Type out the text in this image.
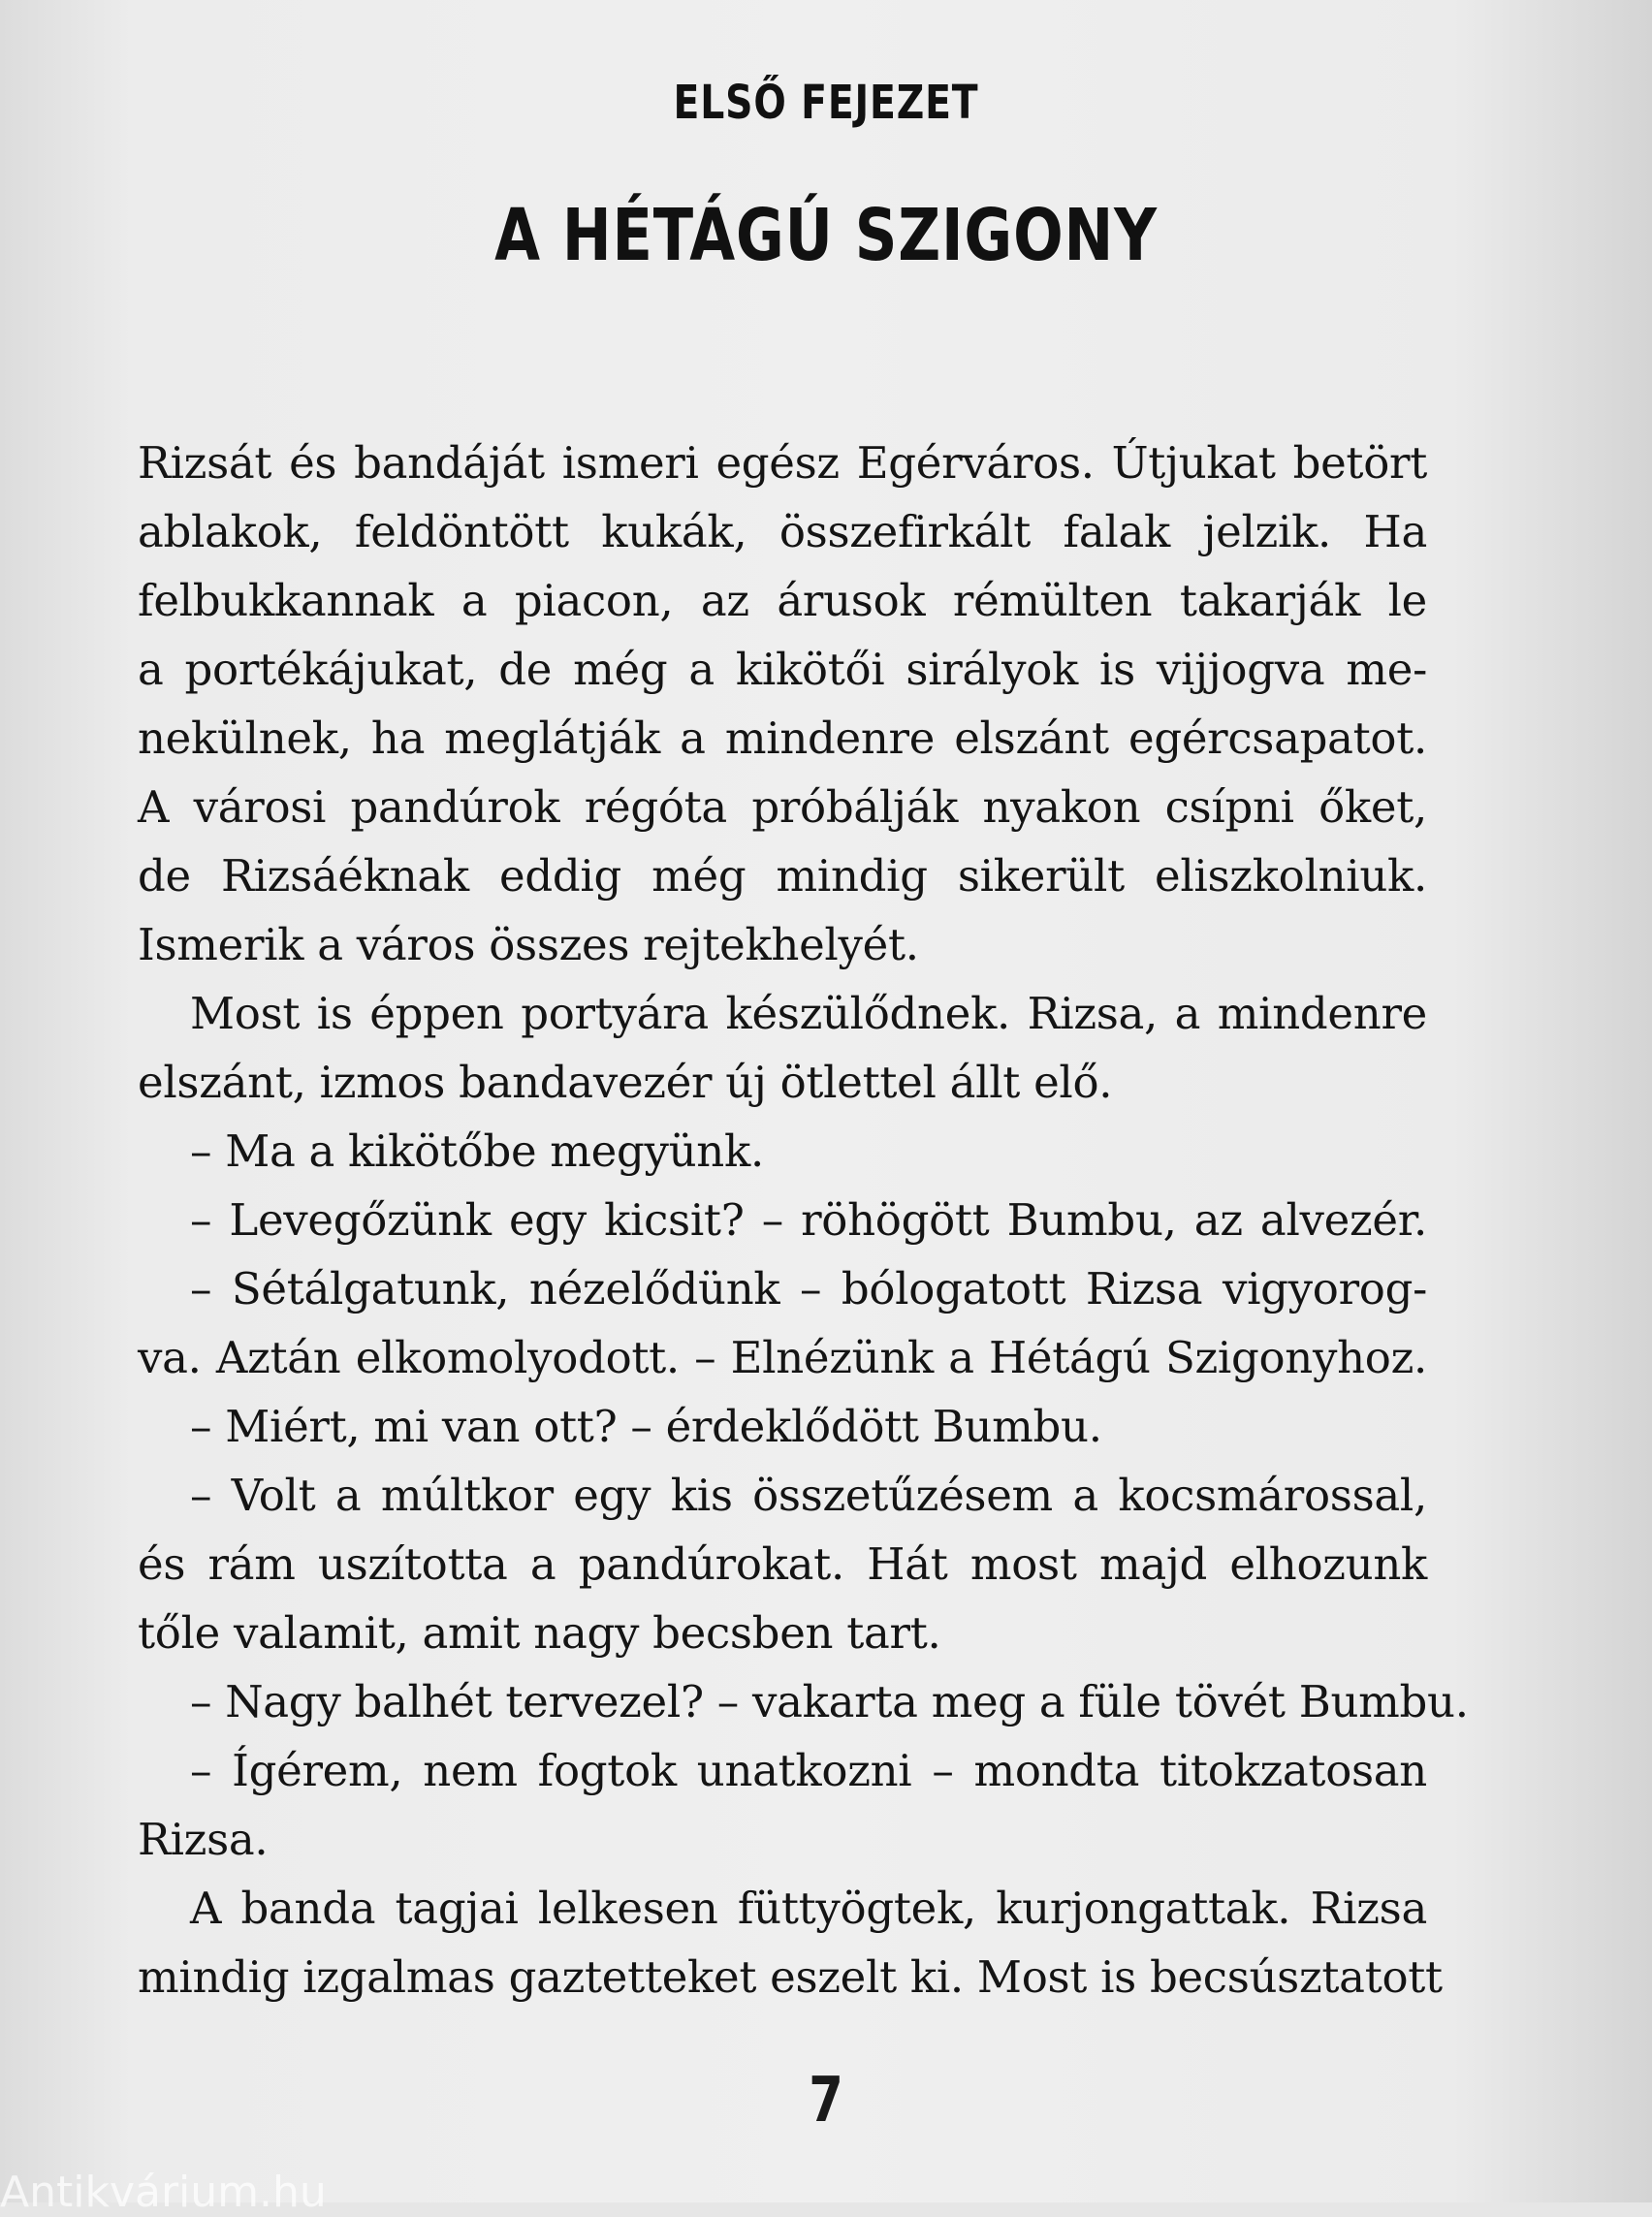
ELSŐ FEJEZET
A HÉTÁGÚ SZIGONY
Rizsát és bandáját ismeri egész Egérváros. Útjukat betört
ablakok, feldöntött kukák, összefirkált falak jelzik. Ha
felbukkannak a piacon, az árusok rémülten takarják le
a portékájukat, de még a kikötői sirályok is vijjogva me-
nekülnek, ha meglátják a mindenre elszánt egércsapatot.
A városi pandúrok régóta próbálják nyakon csípni őket,
de Rizsáéknak eddig még mindig sikerült eliszkolniuk.
Ismerik a város összes rejtekhelyét.
Most is éppen portyára készülődnek. Rizsa, a mindenre
elszánt, izmos bandavezér új ötlettel állt elő.
– Ma a kikötőbe megyünk.
– Levegőzünk egy kicsit? – röhögött Bumbu, az alvezér.
– Sétálgatunk, nézelődünk – bólogatott Rizsa vigyorog-
va. Aztán elkomolyodott. – Elnézünk a Hétágú Szigonyhoz.
– Miért, mi van ott? – érdeklődött Bumbu.
– Volt a múltkor egy kis összetűzésem a kocsmárossal,
és rám uszította a pandúrokat. Hát most majd elhozunk
tőle valamit, amit nagy becsben tart.
– Nagy balhét tervezel? – vakarta meg a füle tövét Bumbu.
– Ígérem, nem fogtok unatkozni – mondta titokzatosan
Rizsa.
A banda tagjai lelkesen füttyögtek, kurjongattak. Rizsa
mindig izgalmas gaztetteket eszelt ki. Most is becsúsztatott
7
Antikvárium.hu
